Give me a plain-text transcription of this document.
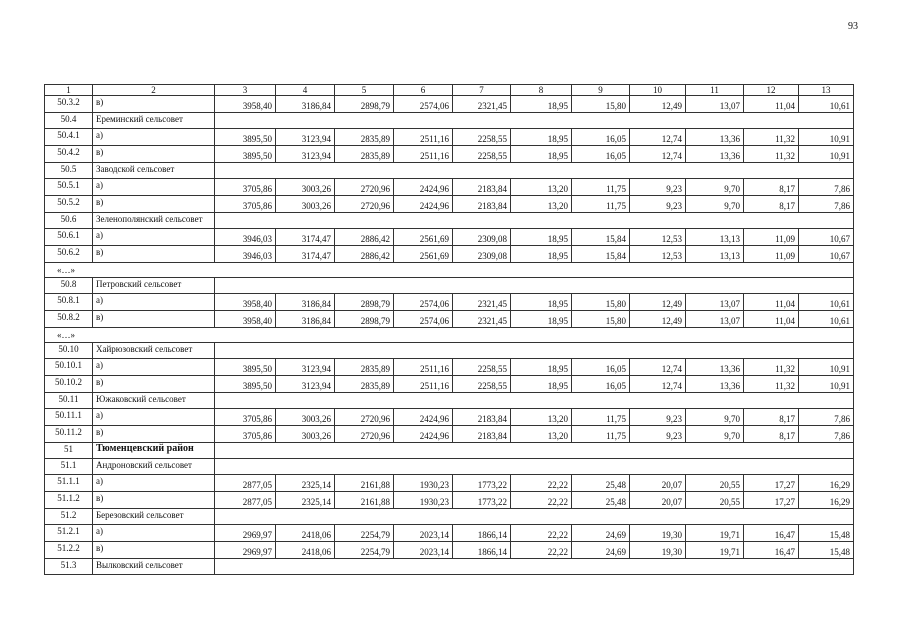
93
1	2	3	4	5	6	7	8	9	10	11	12	13
50.3.2	в)	3958,40	3186,84	2898,79	2574,06	2321,45	18,95	15,80	12,49	13,07	11,04	10,61
50.4	Ереминский сельсовет											
50.4.1	а)	3895,50	3123,94	2835,89	2511,16	2258,55	18,95	16,05	12,74	13,36	11,32	10,91
50.4.2	в)	3895,50	3123,94	2835,89	2511,16	2258,55	18,95	16,05	12,74	13,36	11,32	10,91
50.5	Заводской сельсовет											
50.5.1	а)	3705,86	3003,26	2720,96	2424,96	2183,84	13,20	11,75	9,23	9,70	8,17	7,86
50.5.2	в)	3705,86	3003,26	2720,96	2424,96	2183,84	13,20	11,75	9,23	9,70	8,17	7,86
50.6	Зеленополянский сельсовет											
50.6.1	а)	3946,03	3174,47	2886,42	2561,69	2309,08	18,95	15,84	12,53	13,13	11,09	10,67
50.6.2	в)	3946,03	3174,47	2886,42	2561,69	2309,08	18,95	15,84	12,53	13,13	11,09	10,67
«…»												
50.8	Петровский сельсовет											
50.8.1	а)	3958,40	3186,84	2898,79	2574,06	2321,45	18,95	15,80	12,49	13,07	11,04	10,61
50.8.2	в)	3958,40	3186,84	2898,79	2574,06	2321,45	18,95	15,80	12,49	13,07	11,04	10,61
«…»												
50.10	Хайрюзовский сельсовет											
50.10.1	а)	3895,50	3123,94	2835,89	2511,16	2258,55	18,95	16,05	12,74	13,36	11,32	10,91
50.10.2	в)	3895,50	3123,94	2835,89	2511,16	2258,55	18,95	16,05	12,74	13,36	11,32	10,91
50.11	Южаковский сельсовет											
50.11.1	а)	3705,86	3003,26	2720,96	2424,96	2183,84	13,20	11,75	9,23	9,70	8,17	7,86
50.11.2	в)	3705,86	3003,26	2720,96	2424,96	2183,84	13,20	11,75	9,23	9,70	8,17	7,86
51	Тюменцевский район											
51.1	Андроновский сельсовет											
51.1.1	а)	2877,05	2325,14	2161,88	1930,23	1773,22	22,22	25,48	20,07	20,55	17,27	16,29
51.1.2	в)	2877,05	2325,14	2161,88	1930,23	1773,22	22,22	25,48	20,07	20,55	17,27	16,29
51.2	Березовский сельсовет											
51.2.1	а)	2969,97	2418,06	2254,79	2023,14	1866,14	22,22	24,69	19,30	19,71	16,47	15,48
51.2.2	в)	2969,97	2418,06	2254,79	2023,14	1866,14	22,22	24,69	19,30	19,71	16,47	15,48
51.3	Вылковский сельсовет											
